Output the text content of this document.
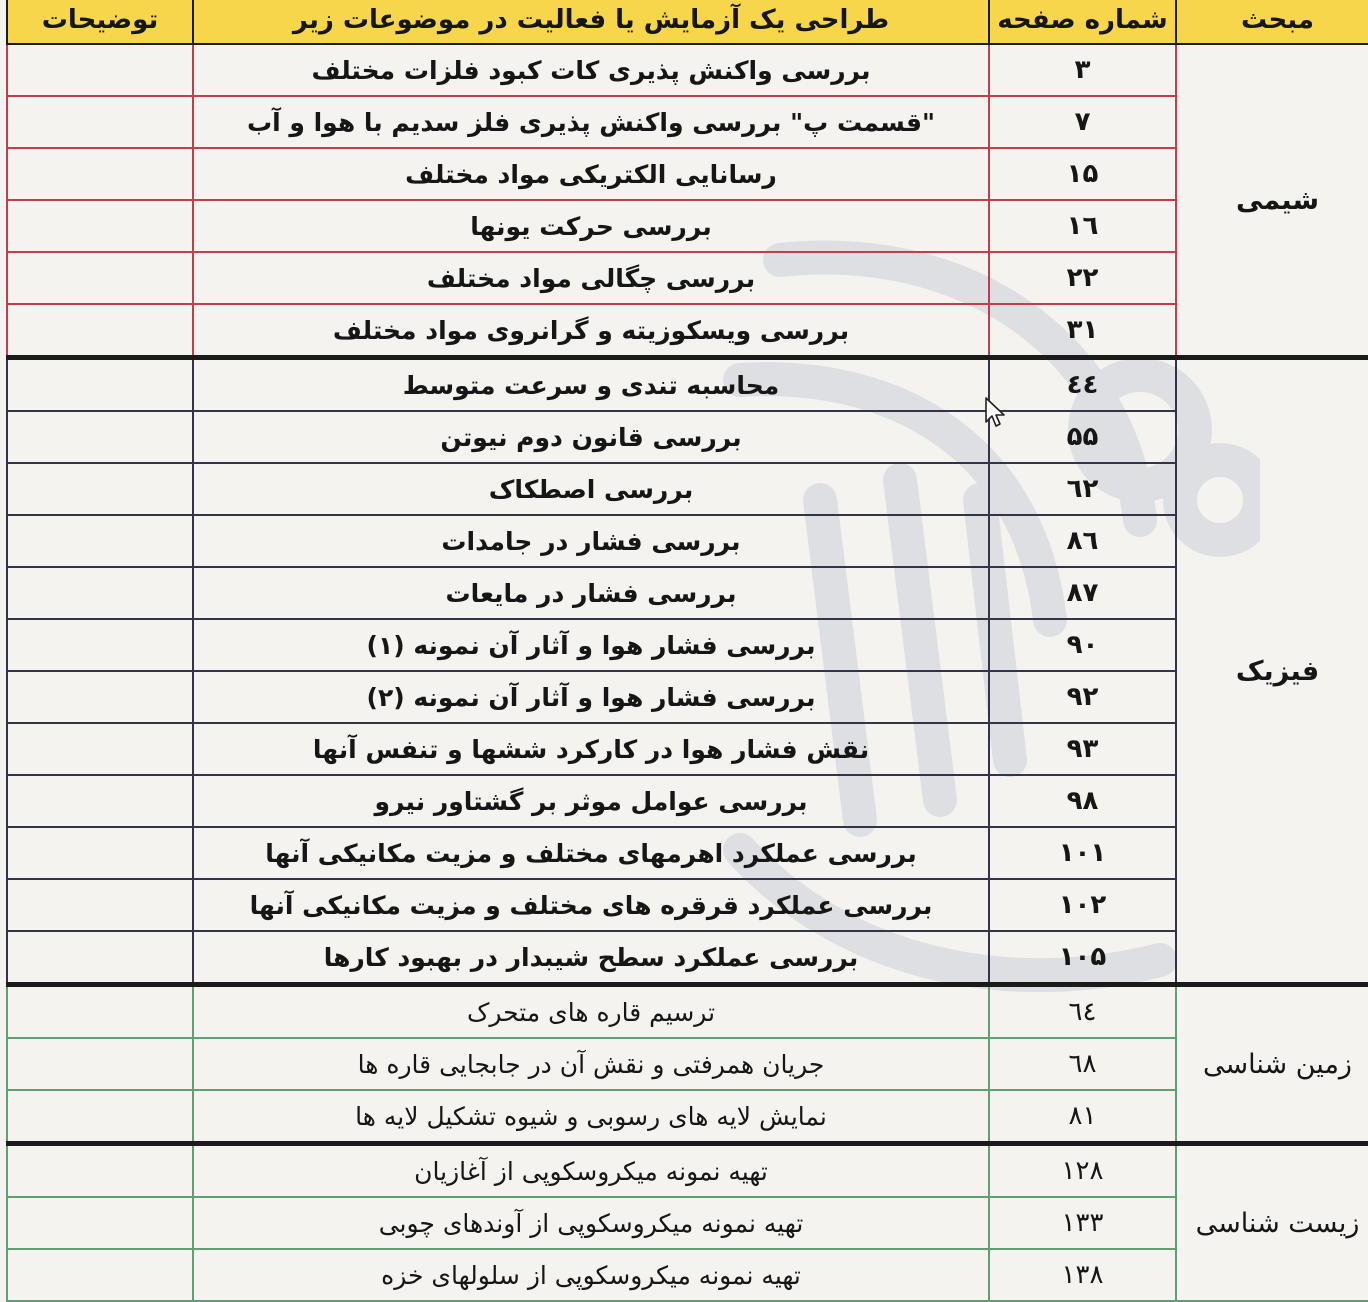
مبحث	شماره صفحه	طراحی یک آزمایش یا فعالیت در موضوعات زیر	توضیحات
شیمی	۳	بررسی واکنش پذیری کات کبود فلزات مختلف	
	۷	"قسمت پ" بررسی واکنش پذیری فلز سدیم با هوا و آب	
	۱۵	رسانایی الکتریکی مواد مختلف	
	۱٦	بررسی حرکت یونها	
	۲۲	بررسی چگالی مواد مختلف	
	۳۱	بررسی ویسکوزیته و گرانروی مواد مختلف	
فیزیک	٤٤	محاسبه تندی و سرعت متوسط	
	۵۵	بررسی قانون دوم نیوتن	
	٦۲	بررسی اصطکاک	
	۸٦	بررسی فشار در جامدات	
	۸۷	بررسی فشار در مایعات	
	۹۰	بررسی فشار هوا و آثار آن نمونه (۱)	
	۹۲	بررسی فشار هوا و آثار آن نمونه (۲)	
	۹۳	نقش فشار هوا در کارکرد ششها و تنفس آنها	
	۹۸	بررسی عوامل موثر بر گشتاور نیرو	
	۱۰۱	بررسی عملکرد اهرمهای مختلف و مزیت مکانیکی آنها	
	۱۰۲	بررسی عملکرد قرقره های مختلف و مزیت مکانیکی آنها	
	۱۰۵	بررسی عملکرد سطح شیبدار در بهبود کارها	
زمین شناسی	٦٤	ترسیم قاره های متحرک	
	٦۸	جریان همرفتی و نقش آن در جابجایی قاره ها	
	۸۱	نمایش لایه های رسوبی و شیوه تشکیل لایه ها	
زیست شناسی	۱۲۸	تهیه نمونه میکروسکوپی از آغازیان	
	۱۳۳	تهیه نمونه میکروسکوپی از آوندهای چوبی	
	۱۳۸	تهیه نمونه میکروسکوپی از سلولهای خزه	
